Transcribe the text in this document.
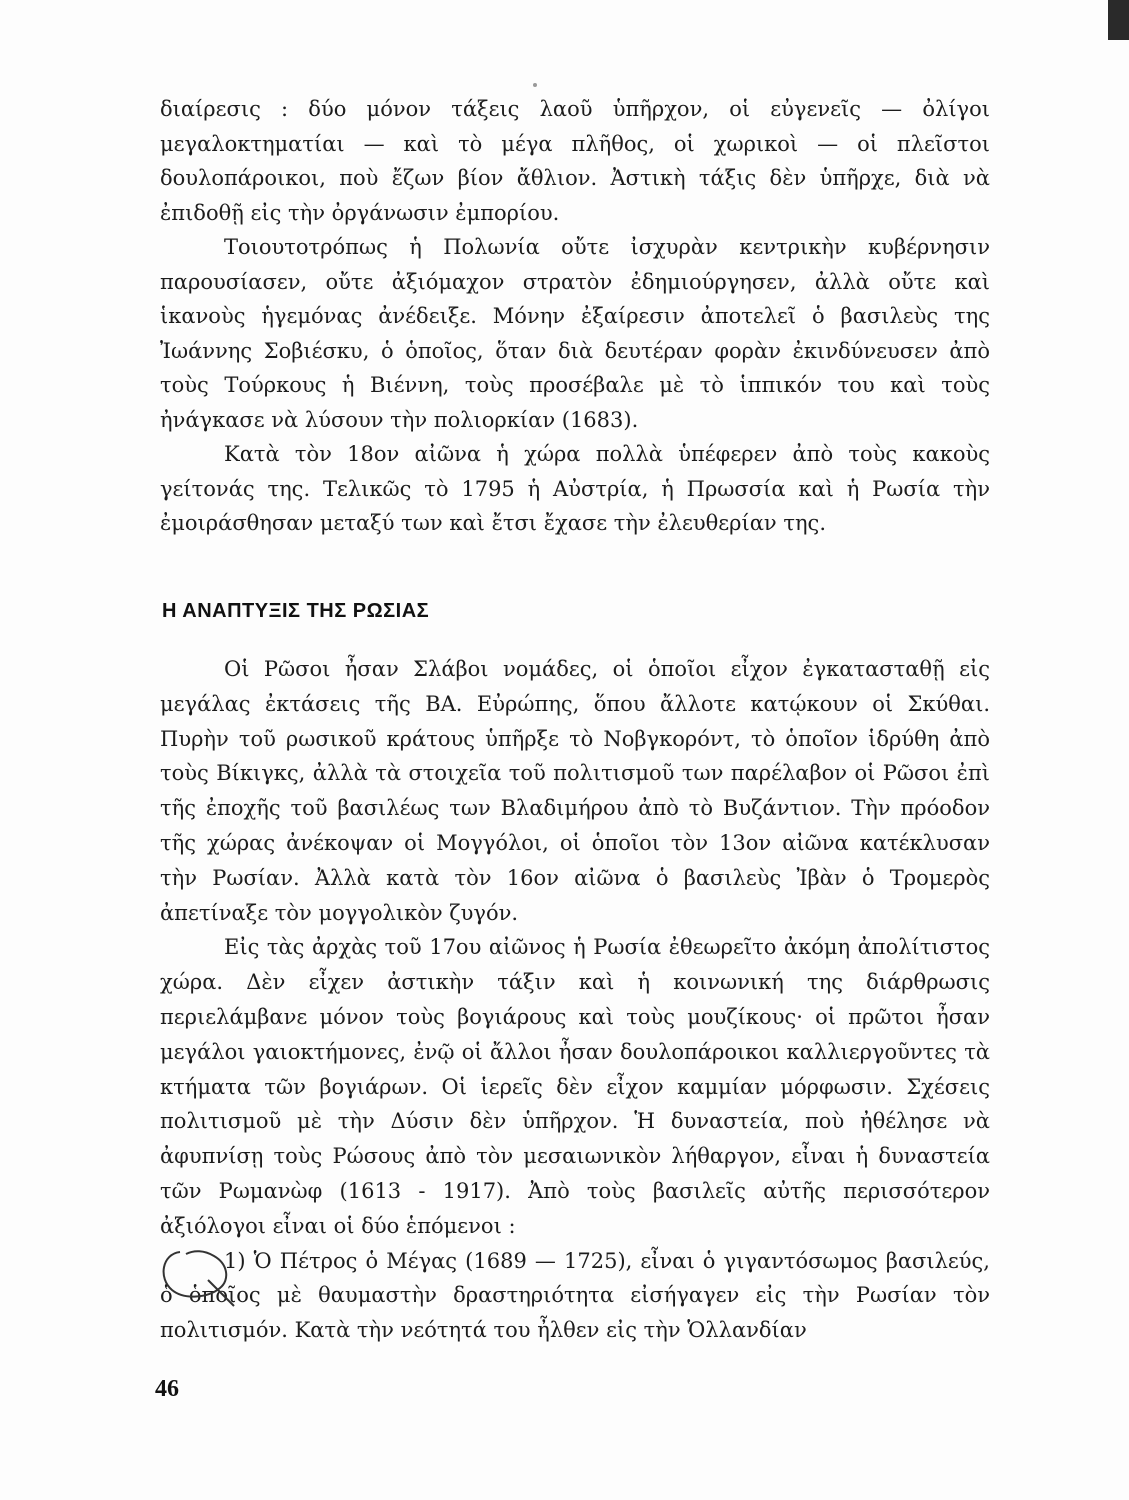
διαίρεσις : δύο μόνον τάξεις λαοῦ ὑπῆρχον, οἱ εὐγενεῖς — ὀλίγοι μεγαλοκτηματίαι — καὶ τὸ μέγα πλῆθος, οἱ χωρικοὶ — οἱ πλεῖστοι δουλοπάροικοι, ποὺ ἔζων βίον ἄθλιον. Ἀστικὴ τάξις δὲν ὑπῆρχε, διὰ νὰ ἐπιδοθῇ εἰς τὴν ὀργάνωσιν ἐμπορίου.

Τοιουτοτρόπως ἡ Πολωνία οὔτε ἰσχυρὰν κεντρικὴν κυβέρνησιν παρουσίασεν, οὔτε ἀξιόμαχον στρατὸν ἐδημιούργησεν, ἀλλὰ οὔτε καὶ ἱκανοὺς ἡγεμόνας ἀνέδειξε. Μόνην ἐξαίρεσιν ἀποτελεῖ ὁ βασιλεὺς της Ἰωάννης Σοβιέσκυ, ὁ ὁποῖος, ὅταν διὰ δευτέραν φορὰν ἐκινδύνευσεν ἀπὸ τοὺς Τούρκους ἡ Βιέννη, τοὺς προσέβαλε μὲ τὸ ἱππικόν του καὶ τοὺς ἠνάγκασε νὰ λύσουν τὴν πολιορκίαν (1683).

Κατὰ τὸν 18ον αἰῶνα ἡ χώρα πολλὰ ὑπέφερεν ἀπὸ τοὺς κακοὺς γείτονάς της. Τελικῶς τὸ 1795 ἡ Αὐστρία, ἡ Πρωσσία καὶ ἡ Ρωσία τὴν ἐμοιράσθησαν μεταξύ των καὶ ἔτσι ἔχασε τὴν ἐλευθερίαν της.

Η ΑΝΑΠΤΥΞΙΣ ΤΗΣ ΡΩΣΙΑΣ

Οἱ Ρῶσοι ἦσαν Σλάβοι νομάδες, οἱ ὁποῖοι εἶχον ἐγκατασταθῇ εἰς μεγάλας ἐκτάσεις τῆς ΒΑ. Εὐρώπης, ὅπου ἄλλοτε κατῴκουν οἱ Σκύθαι. Πυρὴν τοῦ ρωσικοῦ κράτους ὑπῆρξε τὸ Νοβγκορόντ, τὸ ὁποῖον ἱδρύθη ἀπὸ τοὺς Βίκιγκς, ἀλλὰ τὰ στοιχεῖα τοῦ πολιτισμοῦ των παρέλαβον οἱ Ρῶσοι ἐπὶ τῆς ἐποχῆς τοῦ βασιλέως των Βλαδιμήρου ἀπὸ τὸ Βυζάντιον. Τὴν πρόοδον τῆς χώρας ἀνέκοψαν οἱ Μογγόλοι, οἱ ὁποῖοι τὸν 13ον αἰῶνα κατέκλυσαν τὴν Ρωσίαν. Ἀλλὰ κατὰ τὸν 16ον αἰῶνα ὁ βασιλεὺς Ἰβὰν ὁ Τρομερὸς ἀπετίναξε τὸν μογγολικὸν ζυγόν.

Εἰς τὰς ἀρχὰς τοῦ 17ου αἰῶνος ἡ Ρωσία ἐθεωρεῖτο ἀκόμη ἀπολίτιστος χώρα. Δὲν εἶχεν ἀστικὴν τάξιν καὶ ἡ κοινωνική της διάρθρωσις περιελάμβανε μόνον τοὺς βογιάρους καὶ τοὺς μουζίκους· οἱ πρῶτοι ἦσαν μεγάλοι γαιοκτήμονες, ἐνῷ οἱ ἄλλοι ἦσαν δουλοπάροικοι καλλιεργοῦντες τὰ κτήματα τῶν βογιάρων. Οἱ ἱερεῖς δὲν εἶχον καμμίαν μόρφωσιν. Σχέσεις πολιτισμοῦ μὲ τὴν Δύσιν δὲν ὑπῆρχον. Ἡ δυναστεία, ποὺ ἠθέλησε νὰ ἀφυπνίσῃ τοὺς Ρώσους ἀπὸ τὸν μεσαιωνικὸν λήθαργον, εἶναι ἡ δυναστεία τῶν Ρωμανὼφ (1613 - 1917). Ἀπὸ τοὺς βασιλεῖς αὐτῆς περισσότερον ἀξιόλογοι εἶναι οἱ δύο ἑπόμενοι :

1) Ὁ Πέτρος ὁ Μέγας (1689 — 1725), εἶναι ὁ γιγαντόσωμος βασιλεύς, ὁ ὁποῖος μὲ θαυμαστὴν δραστηριότητα εἰσήγαγεν εἰς τὴν Ρωσίαν τὸν πολιτισμόν. Κατὰ τὴν νεότητά του ἦλθεν εἰς τὴν Ὁλλανδίαν

46
